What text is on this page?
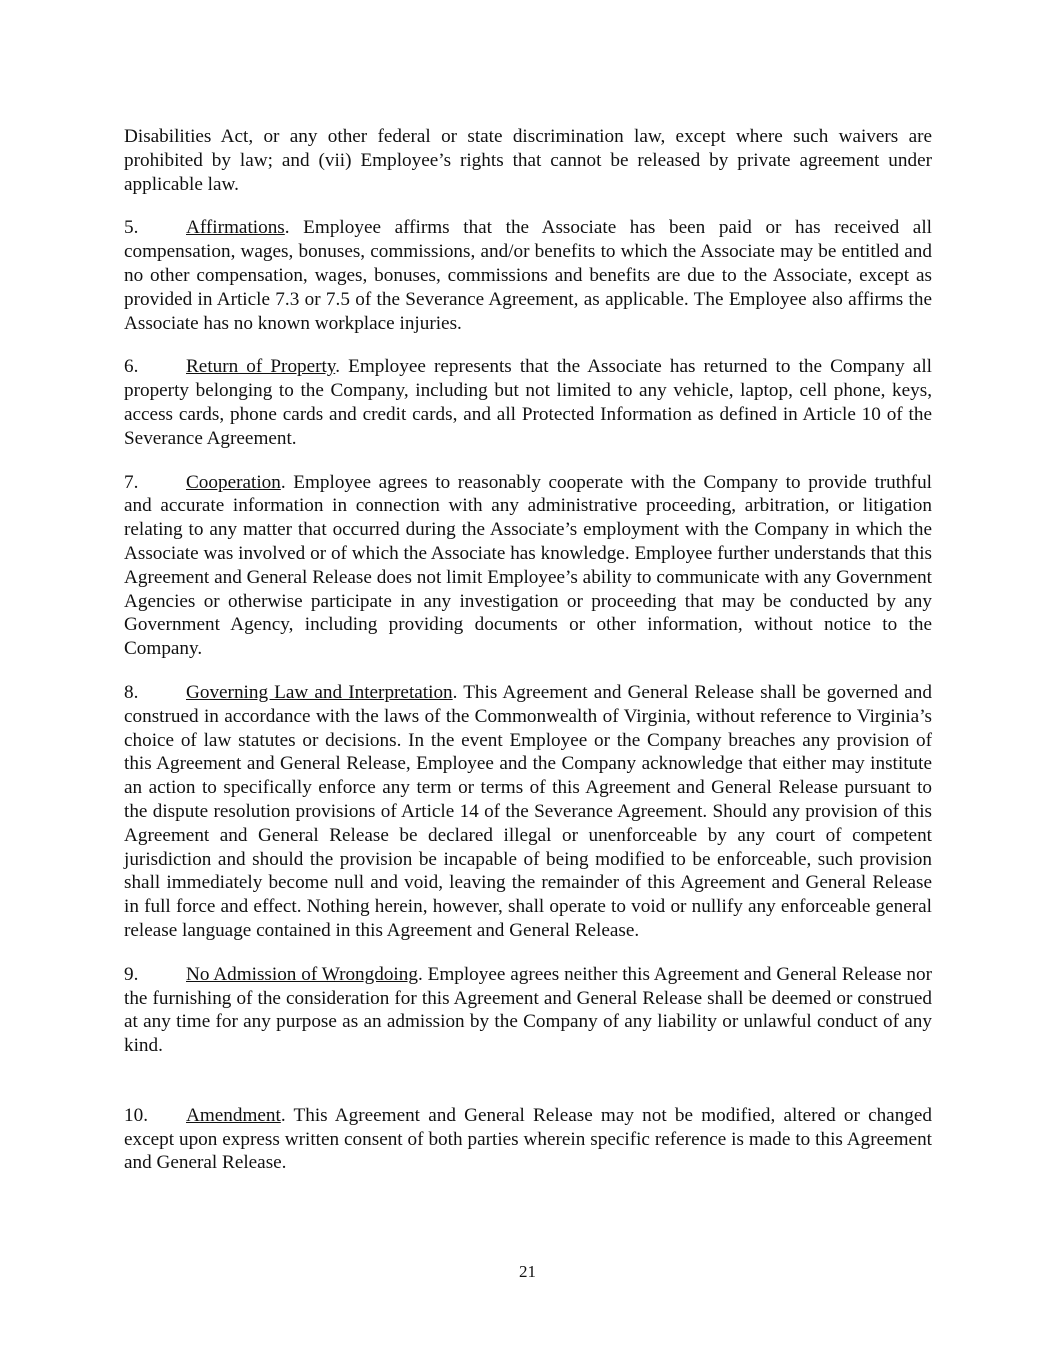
Disabilities Act, or any other federal or state discrimination law, except where such waivers are prohibited by law; and (vii) Employee’s rights that cannot be released by private agreement under applicable law.

5. Affirmations. Employee affirms that the Associate has been paid or has received all compensation, wages, bonuses, commissions, and/or benefits to which the Associate may be entitled and no other compensation, wages, bonuses, commissions and benefits are due to the Associate, except as provided in Article 7.3 or 7.5 of the Severance Agreement, as applicable. The Employee also affirms the Associate has no known workplace injuries.

6. Return of Property. Employee represents that the Associate has returned to the Company all property belonging to the Company, including but not limited to any vehicle, laptop, cell phone, keys, access cards, phone cards and credit cards, and all Protected Information as defined in Article 10 of the Severance Agreement.

7. Cooperation. Employee agrees to reasonably cooperate with the Company to provide truthful and accurate information in connection with any administrative proceeding, arbitration, or litigation relating to any matter that occurred during the Associate’s employment with the Company in which the Associate was involved or of which the Associate has knowledge. Employee further understands that this Agreement and General Release does not limit Employee’s ability to communicate with any Government Agencies or otherwise participate in any investigation or proceeding that may be conducted by any Government Agency, including providing documents or other information, without notice to the Company.

8. Governing Law and Interpretation. This Agreement and General Release shall be governed and construed in accordance with the laws of the Commonwealth of Virginia, without reference to Virginia’s choice of law statutes or decisions. In the event Employee or the Company breaches any provision of this Agreement and General Release, Employee and the Company acknowledge that either may institute an action to specifically enforce any term or terms of this Agreement and General Release pursuant to the dispute resolution provisions of Article 14 of the Severance Agreement. Should any provision of this Agreement and General Release be declared illegal or unenforceable by any court of competent jurisdiction and should the provision be incapable of being modified to be enforceable, such provision shall immediately become null and void, leaving the remainder of this Agreement and General Release in full force and effect. Nothing herein, however, shall operate to void or nullify any enforceable general release language contained in this Agreement and General Release.

9. No Admission of Wrongdoing. Employee agrees neither this Agreement and General Release nor the furnishing of the consideration for this Agreement and General Release shall be deemed or construed at any time for any purpose as an admission by the Company of any liability or unlawful conduct of any kind.

10. Amendment. This Agreement and General Release may not be modified, altered or changed except upon express written consent of both parties wherein specific reference is made to this Agreement and General Release.

21
